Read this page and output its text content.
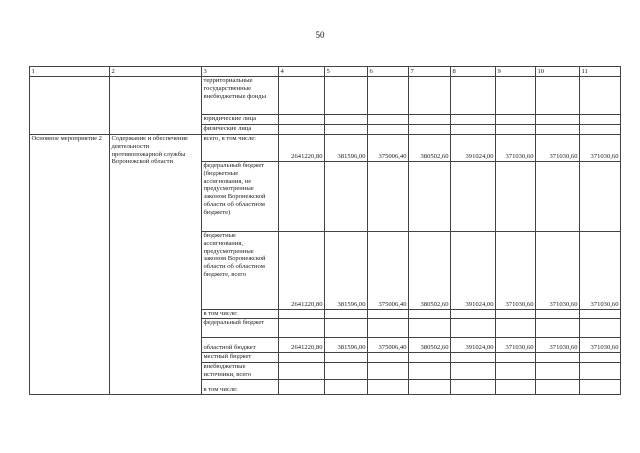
50
1	2	3	4	5	6	7	8	9	10	11
		территориальные государственные внебюджетные фонды								
		юридические лица								
		физические лица								
Основное мероприятие 2	Содержание и обеспечение деятельности противопожарной службы Воронежской области	всего, в том числе:	2641220,80	381596,00	375006,40	380502,60	391024,00	371030,60	371030,60	371030,60
		федеральный бюджет (бюджетные ассигнования, не предусмотренные законом Воронежской области об областном бюджете)								
		бюджетные ассигнования, предусмотренные законом Воронежской области об областном бюджете, всего	2641220,80	381596,00	375006,40	380502,60	391024,00	371030,60	371030,60	371030,60
		в том числе:								
		федеральный бюджет								
		областной бюджет	2641220,80	381596,00	375006,40	380502,60	391024,00	371030,60	371030,60	371030,60
		местный бюджет								
		внебюджетные источники, всего								
		в том числе:								
